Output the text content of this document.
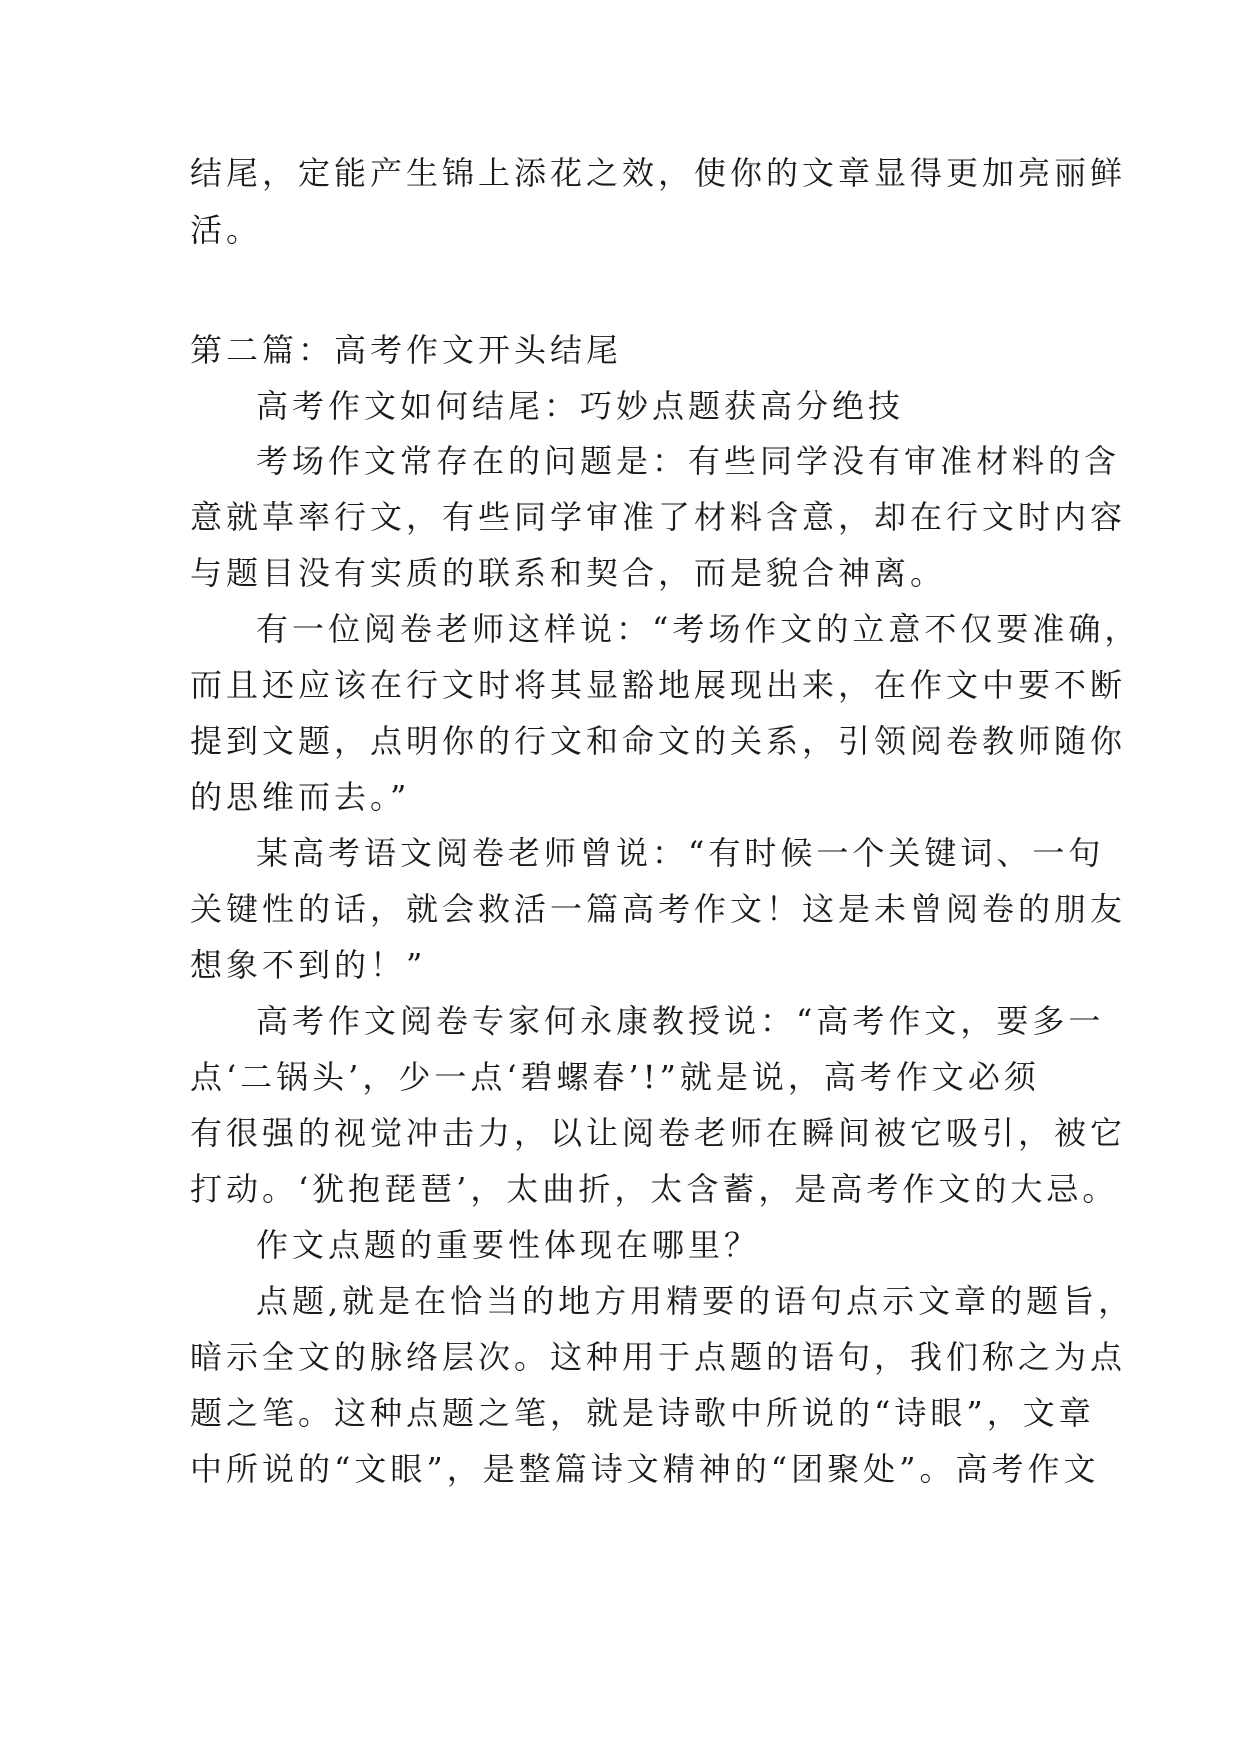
结尾，定能产生锦上添花之效，使你的文章显得更加亮丽鲜
活。
第二篇：高考作文开头结尾
高考作文如何结尾：巧妙点题获高分绝技
考场作文常存在的问题是：有些同学没有审准材料的含
意就草率行文，有些同学审准了材料含意，却在行文时内容
与题目没有实质的联系和契合，而是貌合神离。
有一位阅卷老师这样说：“考场作文的立意不仅要准确，
而且还应该在行文时将其显豁地展现出来，在作文中要不断
提到文题，点明你的行文和命文的关系，引领阅卷教师随你
的思维而去。”
某高考语文阅卷老师曾说：“有时候一个关键词、一句
关键性的话，就会救活一篇高考作文！这是未曾阅卷的朋友
想象不到的！”
高考作文阅卷专家何永康教授说：“高考作文，要多一
点‘二锅头’，少一点‘碧螺春’!”就是说，高考作文必须
有很强的视觉冲击力，以让阅卷老师在瞬间被它吸引，被它
打动。‘犹抱琵琶’，太曲折，太含蓄，是高考作文的大忌。
作文点题的重要性体现在哪里？
点题,就是在恰当的地方用精要的语句点示文章的题旨，
暗示全文的脉络层次。这种用于点题的语句，我们称之为点
题之笔。这种点题之笔，就是诗歌中所说的“诗眼”，文章
中所说的“文眼”，是整篇诗文精神的“团聚处”。高考作文
